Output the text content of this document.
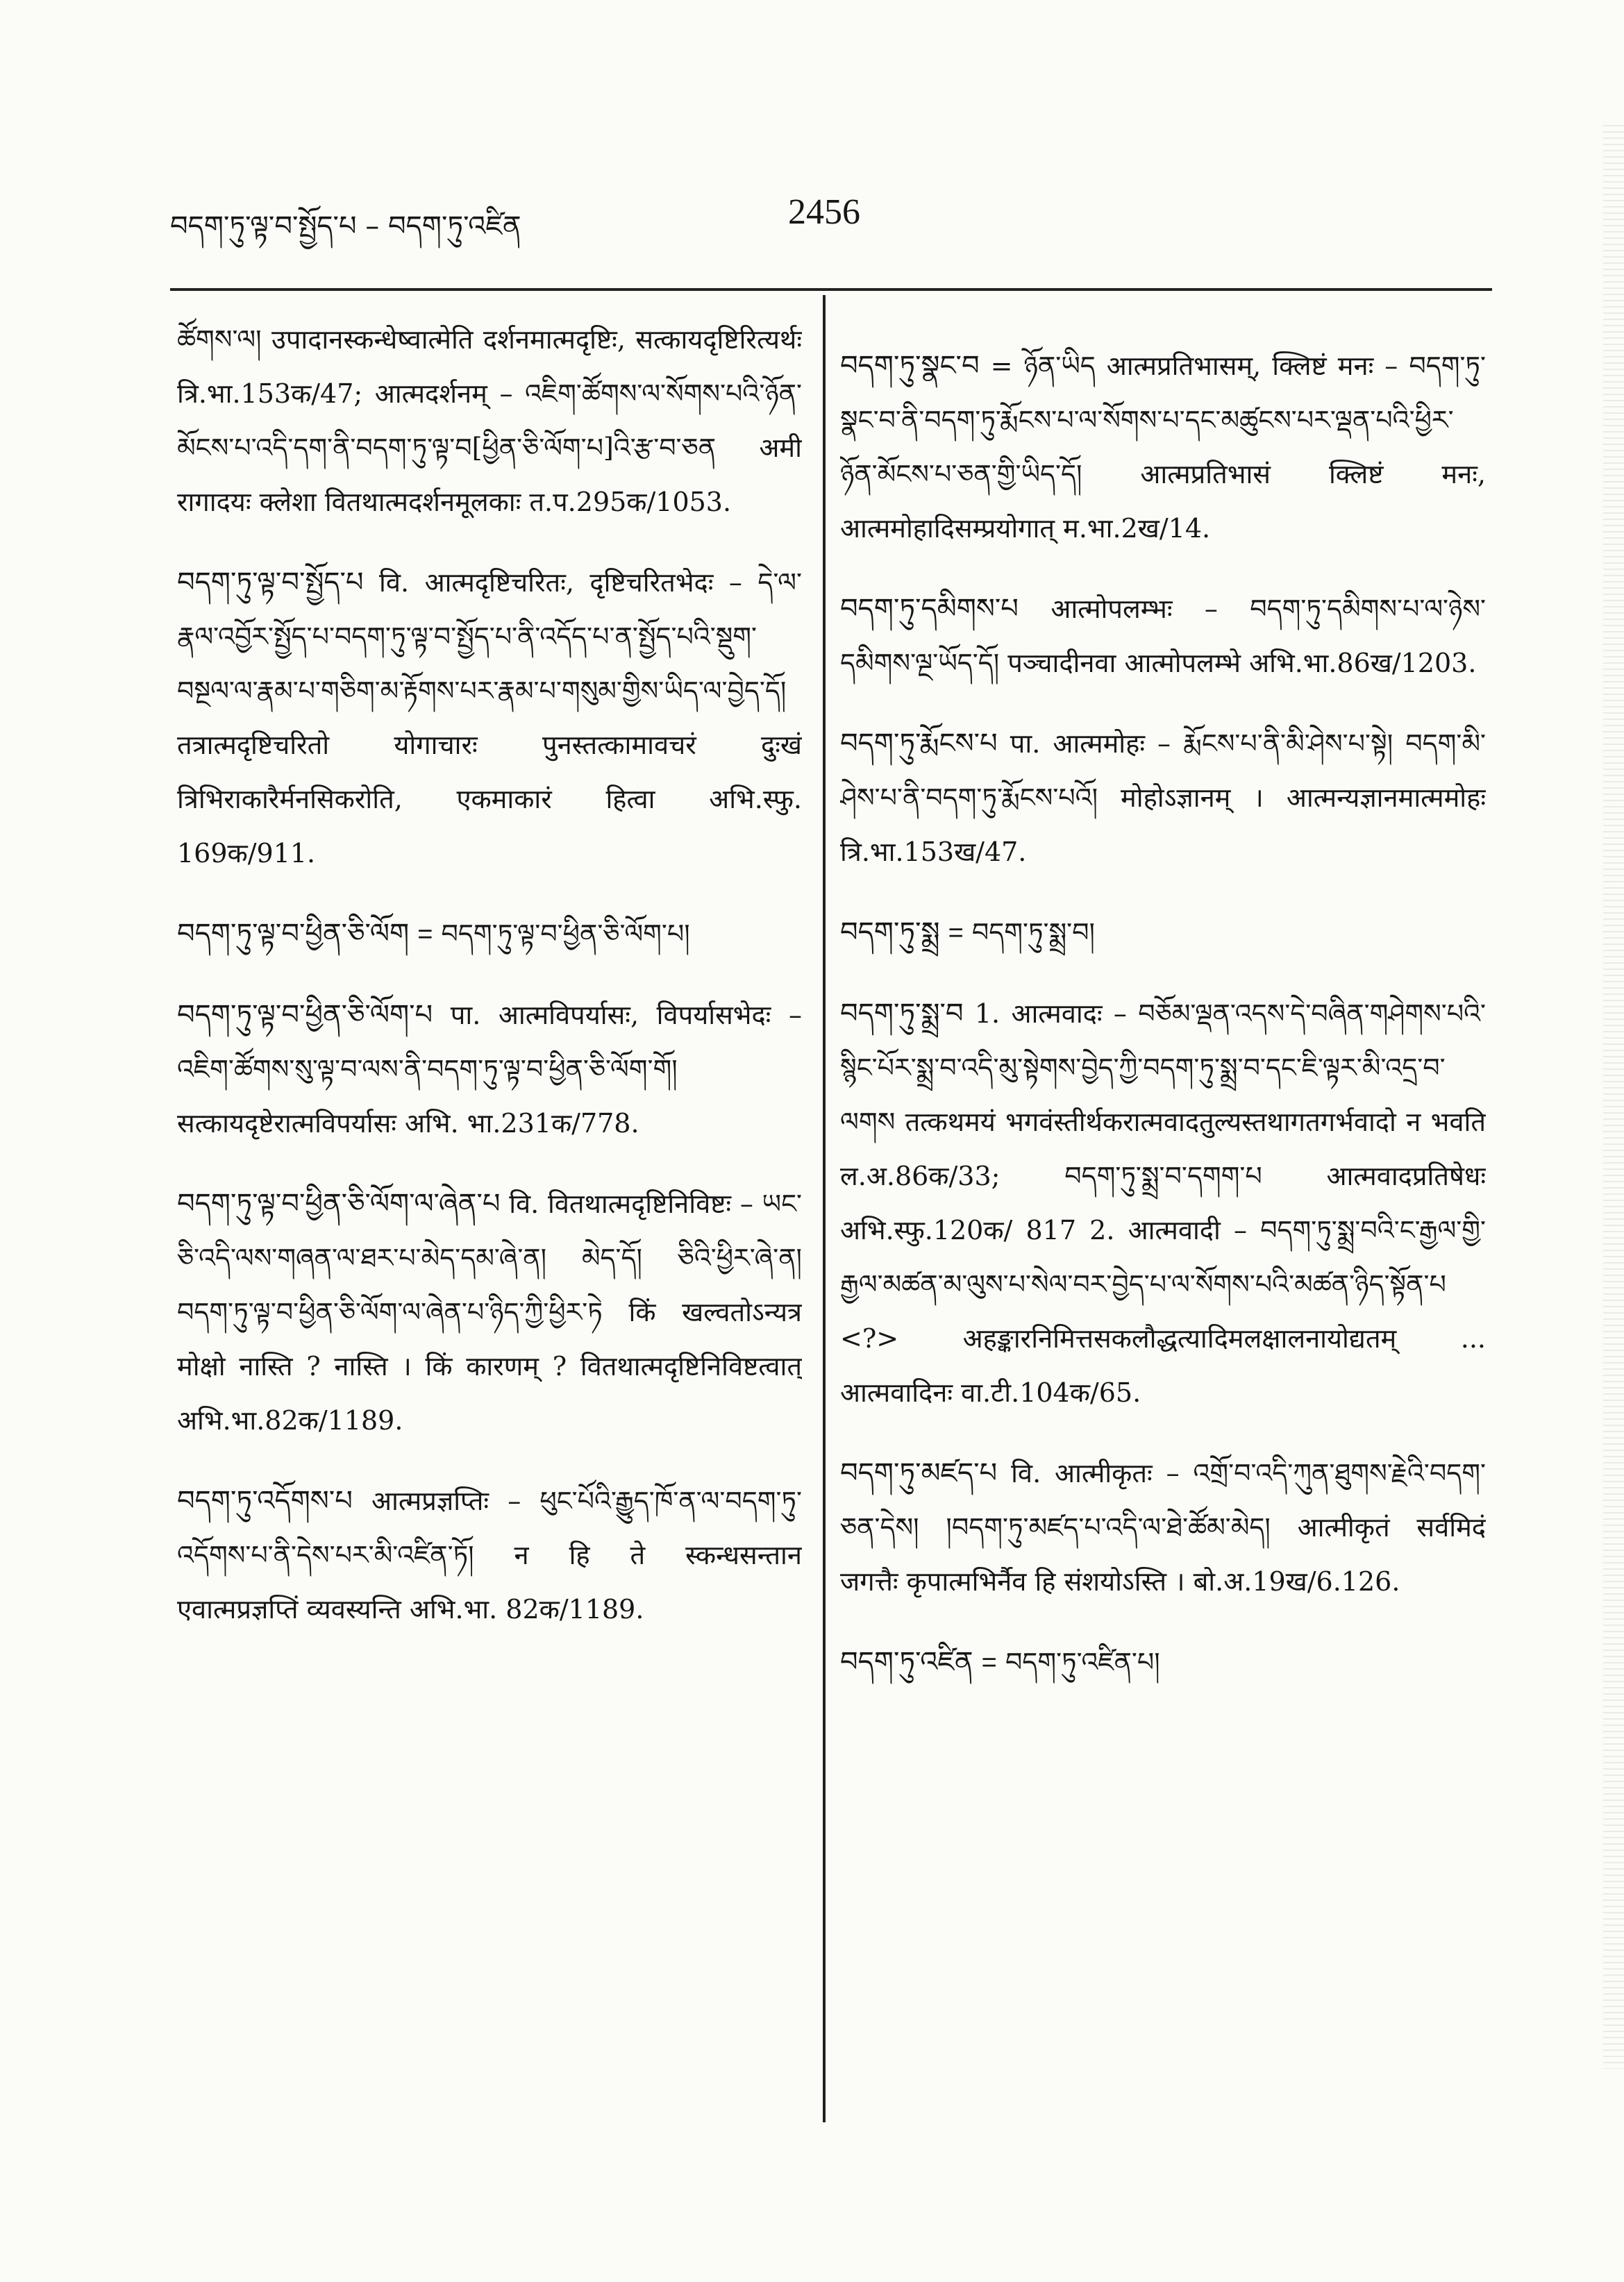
བདག་ཏུ་ལྟ་བ་སྤྱོད་པ – བདག་ཏུ་འཛིན	2456

ཚོགས་ལ། उपादानस्कन्धेष्वात्मेति दर्शनमात्मदृष्टिः, सत्कायदृष्टिरित्यर्थः त्रि.भा.153क/47; आत्मदर्शनम् – འཇིག་ཚོགས་ལ་སོགས་པའི་ཉོན་མོངས་པ་འདི་དག་ནི་བདག་ཏུ་ལྟ་བ[ཕྱིན་ཅི་ལོག་པ]འི་རྩ་བ་ཅན अमी रागादयः क्लेशा वितथात्मदर्शनमूलकाः त.प.295क/1053.

བདག་ཏུ་ལྟ་བ་སྤྱོད་པ वि. आत्मदृष्टिचरितः, दृष्टिचरितभेदः – དེ་ལ་རྣལ་འབྱོར་སྤྱོད་པ་བདག་ཏུ་ལྟ་བ་སྤྱོད་པ་ནི་འདོད་པ་ན་སྤྱོད་པའི་སྡུག་བསྔལ་ལ་རྣམ་པ་གཅིག་མ་རྟོགས་པར་རྣམ་པ་གསུམ་གྱིས་ཡིད་ལ་བྱེད་དོ། तत्रात्मदृष्टिचरितो योगाचारः पुनस्तत्कामावचरं दुःखं त्रिभिराकारैर्मनसिकरोति, एकमाकारं हित्वा अभि.स्फु. 169क/911.

བདག་ཏུ་ལྟ་བ་ཕྱིན་ཅི་ལོག = བདག་ཏུ་ལྟ་བ་ཕྱིན་ཅི་ལོག་པ།

བདག་ཏུ་ལྟ་བ་ཕྱིན་ཅི་ལོག་པ पा. आत्मविपर्यासः, विपर्यासभेदः – འཇིག་ཚོགས་སུ་ལྟ་བ་ལས་ནི་བདག་ཏུ་ལྟ་བ་ཕྱིན་ཅི་ལོག་གོ། सत्कायदृष्टेरात्मविपर्यासः अभि. भा.231क/778.

བདག་ཏུ་ལྟ་བ་ཕྱིན་ཅི་ལོག་ལ་ཞེན་པ वि. वितथात्मदृष्टिनिविष्टः – ཡང་ཅི་འདི་ལས་གཞན་ལ་ཐར་པ་མེད་དམ་ཞེ་ན། མེད་དོ། ཅིའི་ཕྱིར་ཞེ་ན། བདག་ཏུ་ལྟ་བ་ཕྱིན་ཅི་ལོག་ལ་ཞེན་པ་ཉིད་ཀྱི་ཕྱིར་ཏེ किं खल्वतोऽन्यत्र मोक्षो नास्ति ? नास्ति । किं कारणम् ? वितथात्मदृष्टिनिविष्टत्वात् अभि.भा.82क/1189.

བདག་ཏུ་འདོགས་པ आत्मप्रज्ञप्तिः – ཕུང་པོའི་རྒྱུད་ཁོ་ན་ལ་བདག་ཏུ་འདོགས་པ་ནི་དེས་པར་མི་འཛིན་ཏོ། न हि ते स्कन्धसन्तान एवात्मप्रज्ञप्तिं व्यवस्यन्ति अभि.भा. 82क/1189.

བདག་ཏུ་སྣང་བ = ཉོན་ཡིད आत्मप्रतिभासम्, क्लिष्टं मनः – བདག་ཏུ་སྣང་བ་ནི་བདག་ཏུ་རྨོངས་པ་ལ་སོགས་པ་དང་མཚུངས་པར་ལྡན་པའི་ཕྱིར་ཉོན་མོངས་པ་ཅན་གྱི་ཡིད་དོ། आत्मप्रतिभासं क्लिष्टं मनः, आत्ममोहादिसम्प्रयोगात् म.भा.2ख/14.

བདག་ཏུ་དམིགས་པ आत्मोपलम्भः – བདག་ཏུ་དམིགས་པ་ལ་ཉེས་དམིགས་ལྔ་ཡོད་དོ། पञ्चादीनवा आत्मोपलम्भे अभि.भा.86ख/1203.

བདག་ཏུ་རྨོངས་པ पा. आत्ममोहः – རྨོངས་པ་ནི་མི་ཤེས་པ་སྟེ། བདག་མི་ཤེས་པ་ནི་བདག་ཏུ་རྨོངས་པའོ། मोहोऽज्ञानम् । आत्मन्यज्ञानमात्ममोहः त्रि.भा.153ख/47.

བདག་ཏུ་སྨྲ = བདག་ཏུ་སྨྲ་བ།

བདག་ཏུ་སྨྲ་བ 1. आत्मवादः – བཅོམ་ལྡན་འདས་དེ་བཞིན་གཤེགས་པའི་སྙིང་པོར་སྨྲ་བ་འདི་མུ་སྟེགས་བྱེད་ཀྱི་བདག་ཏུ་སྨྲ་བ་དང་ཇི་ལྟར་མི་འདྲ་བ་ལགས तत्कथमयं भगवंस्तीर्थकरात्मवादतुल्यस्तथागतगर्भवादो न भवति ल.अ.86क/33; བདག་ཏུ་སྨྲ་བ་དགག་པ आत्मवादप्रतिषेधः अभि.स्फु.120क/ 817 2. आत्मवादी – བདག་ཏུ་སྨྲ་བའི་ང་རྒྱལ་གྱི་རྒྱལ་མཚན་མ་ལུས་པ་སེལ་བར་བྱེད་པ་ལ་སོགས་པའི་མཚན་ཉིད་སྟོན་པ <?> अहङ्कारनिमित्तसकलौद्धत्यादिमलक्षालनायोद्यतम् ... आत्मवादिनः वा.टी.104क/65.

བདག་ཏུ་མཛད་པ वि. आत्मीकृतः – འགྲོ་བ་འདི་ཀུན་ཐུགས་རྗེའི་བདག་ཅན་དེས། །བདག་ཏུ་མཛད་པ་འདི་ལ་ཐེ་ཚོམ་མེད། आत्मीकृतं सर्वमिदं जगत्तैः कृपात्मभिर्नैव हि संशयोऽस्ति । बो.अ.19ख/6.126.

བདག་ཏུ་འཛིན = བདག་ཏུ་འཛིན་པ།
